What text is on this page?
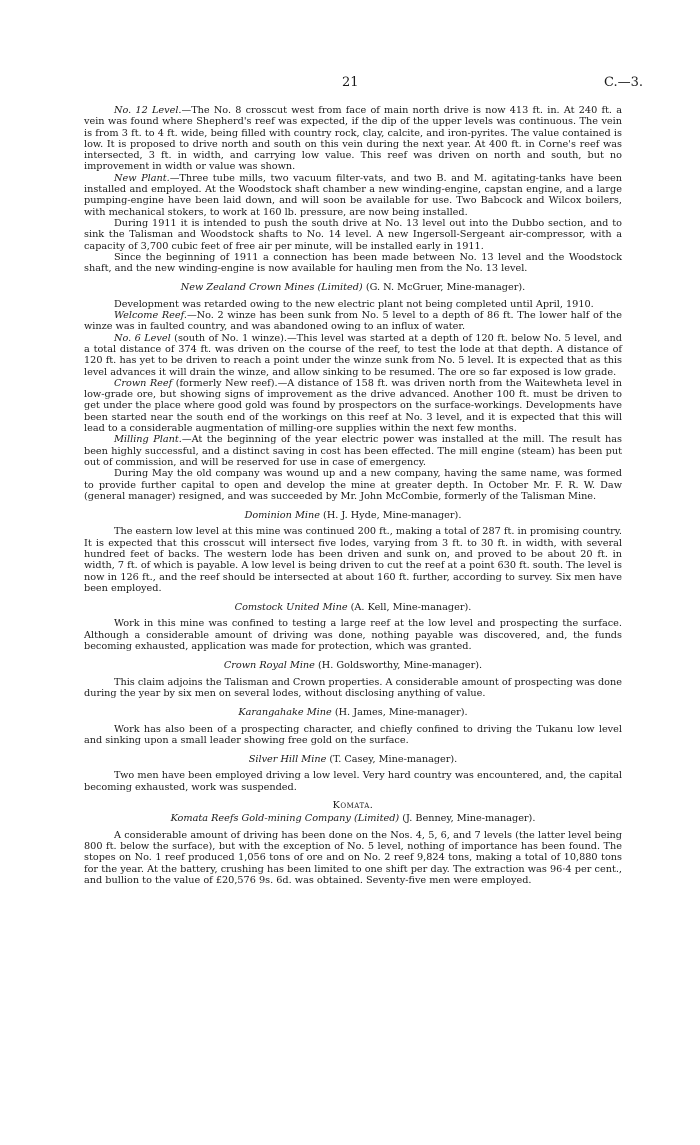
21	C.—3.

No. 12 Level.—The No. 8 crosscut west from face of main north drive is now 413 ft. in. At 240 ft. a vein was found where Shepherd's reef was expected, if the dip of the upper levels was continuous. The vein is from 3 ft. to 4 ft. wide, being filled with country rock, clay, calcite, and iron-pyrites. The value contained is low. It is proposed to drive north and south on this vein during the next year. At 400 ft. in Corne's reef was intersected, 3 ft. in width, and carrying low value. This reef was driven on north and south, but no improvement in width or value was shown.

New Plant.—Three tube mills, two vacuum filter-vats, and two B. and M. agitating-tanks have been installed and employed. At the Woodstock shaft chamber a new winding-engine, capstan engine, and a large pumping-engine have been laid down, and will soon be available for use. Two Babcock and Wilcox boilers, with mechanical stokers, to work at 160 lb. pressure, are now being installed.

During 1911 it is intended to push the south drive at No. 13 level out into the Dubbo section, and to sink the Talisman and Woodstock shafts to No. 14 level. A new Ingersoll-Sergeant air-compressor, with a capacity of 3,700 cubic feet of free air per minute, will be installed early in 1911.

Since the beginning of 1911 a connection has been made between No. 13 level and the Woodstock shaft, and the new winding-engine is now available for hauling men from the No. 13 level.

New Zealand Crown Mines (Limited) (G. N. McGruer, Mine-manager).

Development was retarded owing to the new electric plant not being completed until April, 1910.

Welcome Reef.—No. 2 winze has been sunk from No. 5 level to a depth of 86 ft. The lower half of the winze was in faulted country, and was abandoned owing to an influx of water.

No. 6 Level (south of No. 1 winze).—This level was started at a depth of 120 ft. below No. 5 level, and a total distance of 374 ft. was driven on the course of the reef, to test the lode at that depth. A distance of 120 ft. has yet to be driven to reach a point under the winze sunk from No. 5 level. It is expected that as this level advances it will drain the winze, and allow sinking to be resumed. The ore so far exposed is low grade.

Crown Reef (formerly New reef).—A distance of 158 ft. was driven north from the Waitewheta level in low-grade ore, but showing signs of improvement as the drive advanced. Another 100 ft. must be driven to get under the place where good gold was found by prospectors on the surface-workings. Developments have been started near the south end of the workings on this reef at No. 3 level, and it is expected that this will lead to a considerable augmentation of milling-ore supplies within the next few months.

Milling Plant.—At the beginning of the year electric power was installed at the mill. The result has been highly successful, and a distinct saving in cost has been effected. The mill engine (steam) has been put out of commission, and will be reserved for use in case of emergency.

During May the old company was wound up and a new company, having the same name, was formed to provide further capital to open and develop the mine at greater depth. In October Mr. F. R. W. Daw (general manager) resigned, and was succeeded by Mr. John McCombie, formerly of the Talisman Mine.

Dominion Mine (H. J. Hyde, Mine-manager).

The eastern low level at this mine was continued 200 ft., making a total of 287 ft. in promising country. It is expected that this crosscut will intersect five lodes, varying from 3 ft. to 30 ft. in width, with several hundred feet of backs. The western lode has been driven and sunk on, and proved to be about 20 ft. in width, 7 ft. of which is payable. A low level is being driven to cut the reef at a point 630 ft. south. The level is now in 126 ft., and the reef should be intersected at about 160 ft. further, according to survey. Six men have been employed.

Comstock United Mine (A. Kell, Mine-manager).

Work in this mine was confined to testing a large reef at the low level and prospecting the surface. Although a considerable amount of driving was done, nothing payable was discovered, and, the funds becoming exhausted, application was made for protection, which was granted.

Crown Royal Mine (H. Goldsworthy, Mine-manager).

This claim adjoins the Talisman and Crown properties. A considerable amount of prospecting was done during the year by six men on several lodes, without disclosing anything of value.

Karangahake Mine (H. James, Mine-manager).

Work has also been of a prospecting character, and chiefly confined to driving the Tukanu low level and sinking upon a small leader showing free gold on the surface.

Silver Hill Mine (T. Casey, Mine-manager).

Two men have been employed driving a low level. Very hard country was encountered, and, the capital becoming exhausted, work was suspended.

Komata.
Komata Reefs Gold-mining Company (Limited) (J. Benney, Mine-manager).

A considerable amount of driving has been done on the Nos. 4, 5, 6, and 7 levels (the latter level being 800 ft. below the surface), but with the exception of No. 5 level, nothing of importance has been found. The stopes on No. 1 reef produced 1,056 tons of ore and on No. 2 reef 9,824 tons, making a total of 10,880 tons for the year. At the battery, crushing has been limited to one shift per day. The extraction was 96·4 per cent., and bullion to the value of £20,576 9s. 6d. was obtained. Seventy-five men were employed.
